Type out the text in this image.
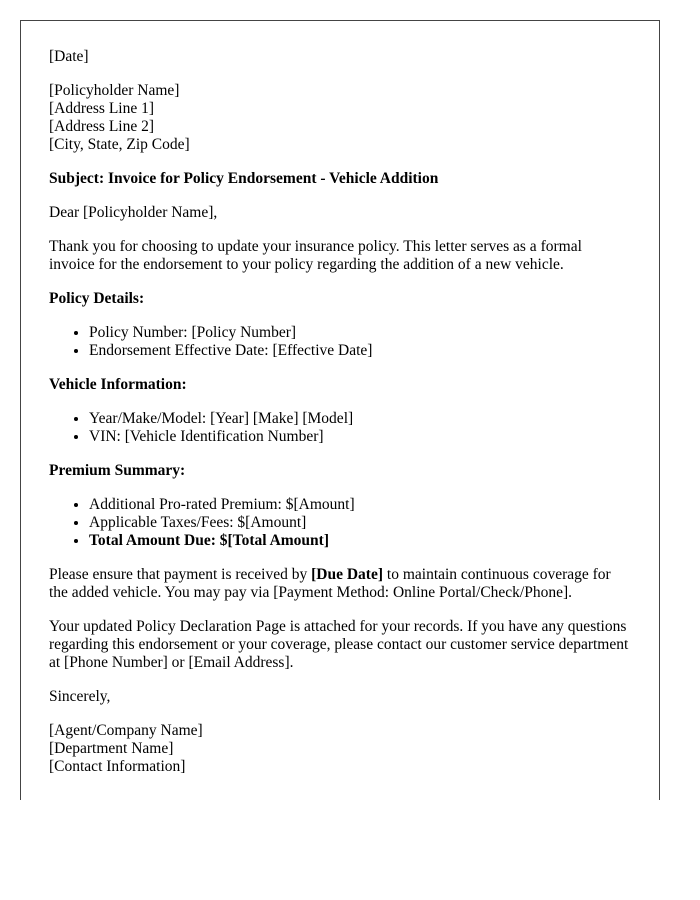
[Date]

[Policyholder Name]
[Address Line 1]
[Address Line 2]
[City, State, Zip Code]

Subject: Invoice for Policy Endorsement - Vehicle Addition

Dear [Policyholder Name],

Thank you for choosing to update your insurance policy. This letter serves as a formal invoice for the endorsement to your policy regarding the addition of a new vehicle.

Policy Details:

• Policy Number: [Policy Number]
• Endorsement Effective Date: [Effective Date]

Vehicle Information:

• Year/Make/Model: [Year] [Make] [Model]
• VIN: [Vehicle Identification Number]

Premium Summary:

• Additional Pro-rated Premium: $[Amount]
• Applicable Taxes/Fees: $[Amount]
• Total Amount Due: $[Total Amount]

Please ensure that payment is received by [Due Date] to maintain continuous coverage for the added vehicle. You may pay via [Payment Method: Online Portal/Check/Phone].

Your updated Policy Declaration Page is attached for your records. If you have any questions regarding this endorsement or your coverage, please contact our customer service department at [Phone Number] or [Email Address].

Sincerely,

[Agent/Company Name]
[Department Name]
[Contact Information]
